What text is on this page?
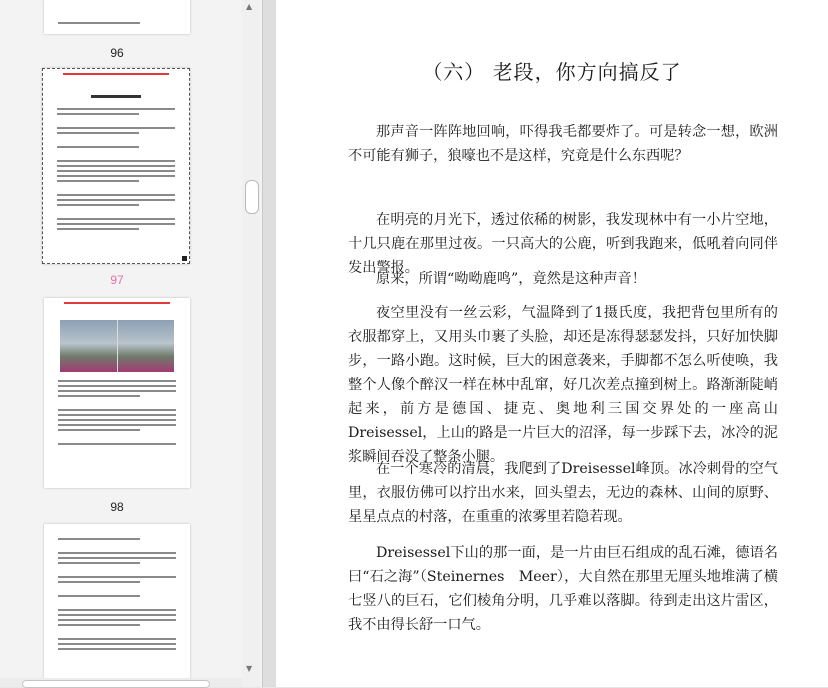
96
97
98
▲
▼
（六） 老段，你方向搞反了

那声音一阵阵地回响，吓得我毛都要炸了。可是转念一想，欧洲不可能有狮子，狼嚎也不是这样，究竟是什么东西呢？

在明亮的月光下，透过依稀的树影，我发现林中有一小片空地，十几只鹿在那里过夜。一只高大的公鹿，听到我跑来，低吼着向同伴发出警报。

原来，所谓“呦呦鹿鸣”，竟然是这种声音！

夜空里没有一丝云彩，气温降到了1摄氏度，我把背包里所有的衣服都穿上，又用头巾裹了头脸，却还是冻得瑟瑟发抖，只好加快脚步，一路小跑。这时候，巨大的困意袭来，手脚都不怎么听使唤，我整个人像个醉汉一样在林中乱窜，好几次差点撞到树上。路渐渐陡峭起来，前方是德国、捷克、奥地利三国交界处的一座高山Dreisessel，上山的路是一片巨大的沼泽，每一步踩下去，冰冷的泥浆瞬间吞没了整条小腿。

在一个寒冷的清晨，我爬到了Dreisessel峰顶。冰冷刺骨的空气里，衣服仿佛可以拧出水来，回头望去，无边的森林、山间的原野、星星点点的村落，在重重的浓雾里若隐若现。

Dreisessel下山的那一面，是一片由巨石组成的乱石滩，德语名曰“石之海”（Steinernes　Meer），大自然在那里无厘头地堆满了横七竖八的巨石，它们棱角分明，几乎难以落脚。待到走出这片雷区，我不由得长舒一口气。
